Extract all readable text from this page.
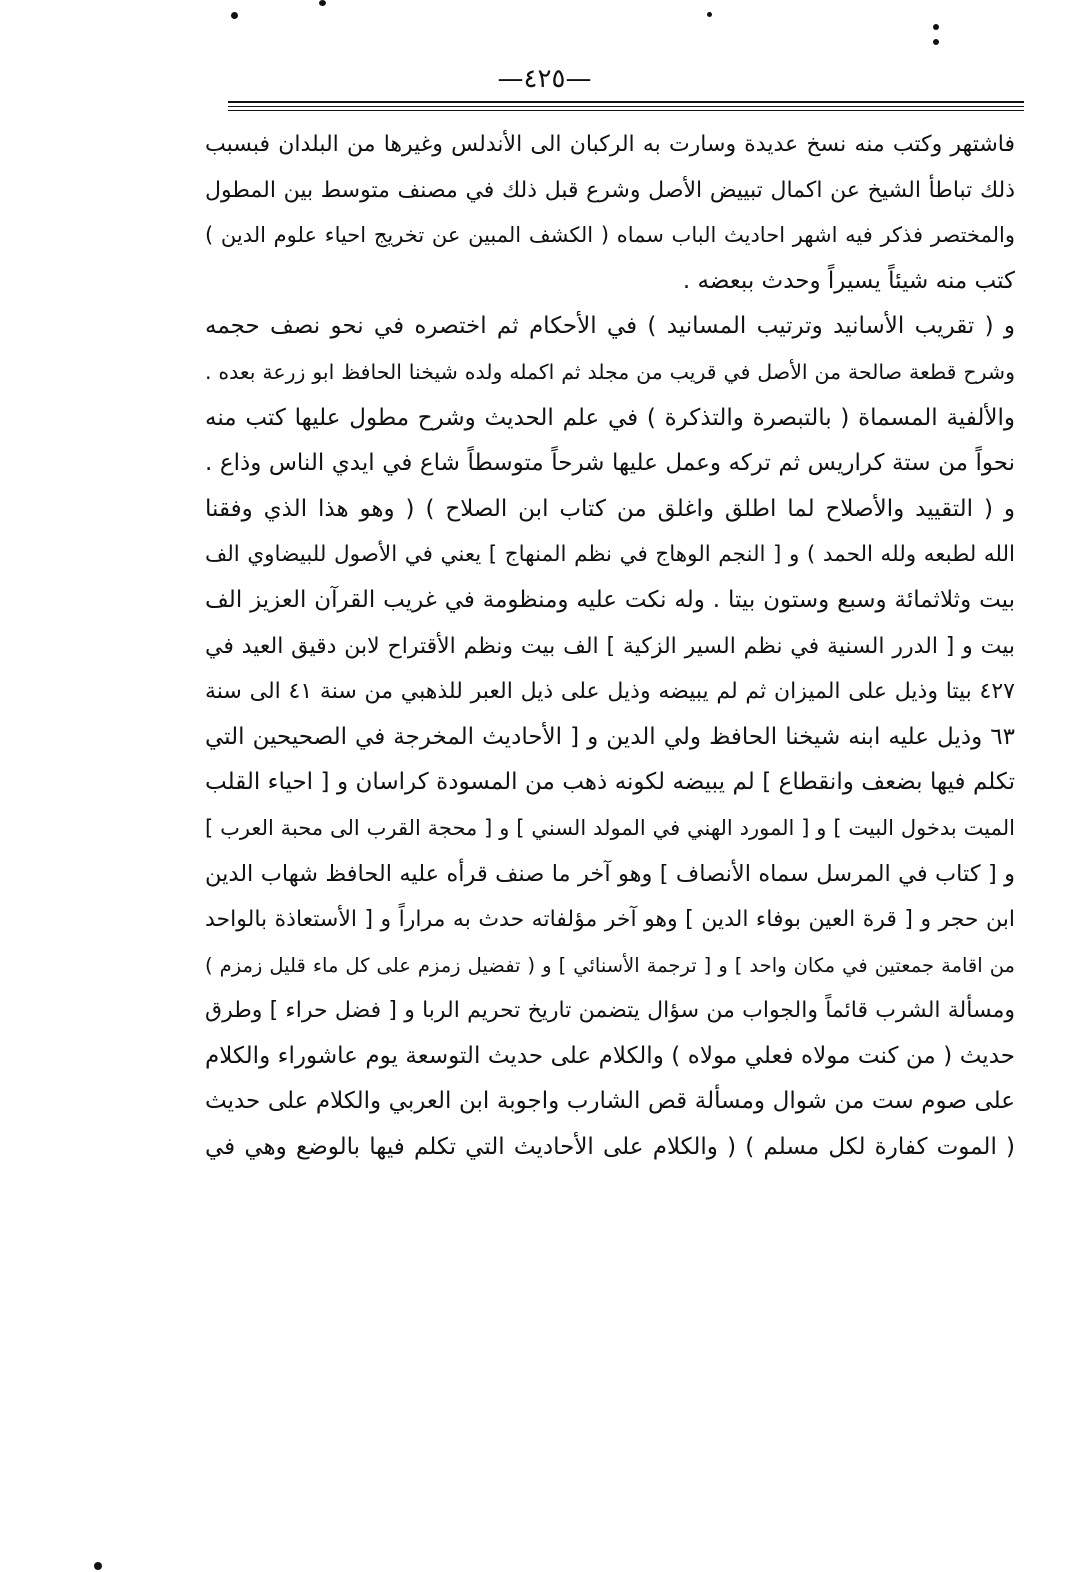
—٤٢٥—
فاشتهر وكتب منه نسخ عديدة وسارت به الركبان الى الأندلس وغيرها من البلدان فبسبب
ذلك تباطأ الشيخ عن اكمال تبييض الأصل وشرع قبل ذلك في مصنف متوسط بين المطول
والمختصر فذكر فيه اشهر احاديث الباب سماه ( الكشف المبين عن تخريج احياء علوم الدين )
كتب منه شيئاً يسيراً وحدث ببعضه .
و ( تقريب الأسانيد وترتيب المسانيد ) في الأحكام ثم اختصره في نحو نصف حجمه
وشرح قطعة صالحة من الأصل في قريب من مجلد ثم اكمله ولده شيخنا الحافظ ابو زرعة بعده .
والألفية المسماة ( بالتبصرة والتذكرة ) في علم الحديث وشرح مطول عليها كتب منه
نحواً من ستة كراريس ثم تركه وعمل عليها شرحاً متوسطاً شاع في ايدي الناس وذاع .
و ( التقييد والأصلاح لما اطلق واغلق من كتاب ابن الصلاح ) ( وهو هذا الذي وفقنا
الله لطبعه ولله الحمد ) و [ النجم الوهاج في نظم المنهاج ] يعني في الأصول للبيضاوي الف
بيت وثلاثمائة وسبع وستون بيتا . وله نكت عليه ومنظومة في غريب القرآن العزيز الف
بيت و [ الدرر السنية في نظم السير الزكية ] الف بيت ونظم الأقتراح لابن دقيق العيد في
٤٢٧ بيتا وذيل على الميزان ثم لم يبيضه وذيل على ذيل العبر للذهبي من سنة ٤١ الى سنة
٦٣ وذيل عليه ابنه شيخنا الحافظ ولي الدين و [ الأحاديث المخرجة في الصحيحين التي
تكلم فيها بضعف وانقطاع ] لم يبيضه لكونه ذهب من المسودة كراسان و [ احياء القلب
الميت بدخول البيت ] و [ المورد الهني في المولد السني ] و [ محجة القرب الى محبة العرب ]
و [ كتاب في المرسل سماه الأنصاف ] وهو آخر ما صنف قرأه عليه الحافظ شهاب الدين
ابن حجر و [ قرة العين بوفاء الدين ] وهو آخر مؤلفاته حدث به مراراً و [ الأستعاذة بالواحد
من اقامة جمعتين في مكان واحد ] و [ ترجمة الأسنائي ] و ( تفضيل زمزم على كل ماء قليل زمزم )
ومسألة الشرب قائماً والجواب من سؤال يتضمن تاريخ تحريم الربا و [ فضل حراء ] وطرق
حديث ( من كنت مولاه فعلي مولاه ) والكلام على حديث التوسعة يوم عاشوراء والكلام
على صوم ست من شوال ومسألة قص الشارب واجوبة ابن العربي والكلام على حديث
( الموت كفارة لكل مسلم ) ( والكلام على الأحاديث التي تكلم فيها بالوضع وهي في
